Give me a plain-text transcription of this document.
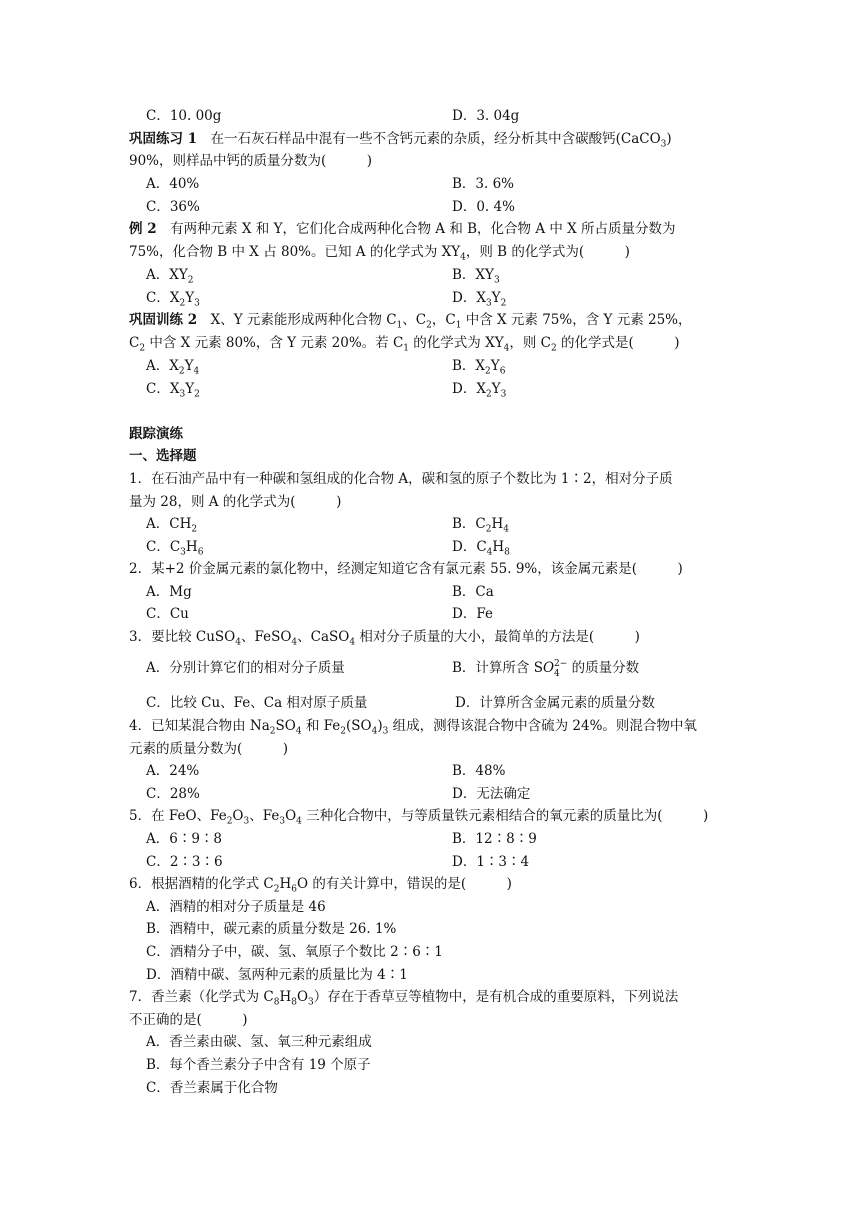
C．10. 00g	D．3. 04g
巩固练习 1　 在一石灰石样品中混有一些不含钙元素的杂质，经分析其中含碳酸钙(CaCO$_3$)
90%，则样品中钙的质量分数为(　　　)
A．40%	B．3. 6%
C．36%	D．0. 4%
例 2　 有两种元素 X 和 Y，它们化合成两种化合物 A 和 B，化合物 A 中 X 所占质量分数为
75%，化合物 B 中 X 占 80%。已知 A 的化学式为 $XY_4$，则 B 的化学式为(　　　)
A．$XY_2$	B．$XY_3$
C．$X_2Y_3$	D．$X_3Y_2$
巩固训练 2　 X、Y 元素能形成两种化合物 $C_1$、$C_2$，$C_1$ 中含 X 元素 75%，含 Y 元素 25%，
$C_2$ 中含 X 元素 80%，含 Y 元素 20%。若 $C_1$ 的化学式为 $XY_4$，则 $C_2$ 的化学式是(　　　)
A．$X_2Y_4$	B．$X_2Y_6$
C．$X_3Y_2$	D．$X_2Y_3$
跟踪演练
一、选择题
1．在石油产品中有一种碳和氢组成的化合物 A，碳和氢的原子个数比为 1∶2，相对分子质
量为 28，则 A 的化学式为(　　　)
A．$CH_2$	B．$C_2H_4$
C．$C_3H_6$	D．$C_4H_8$
2．某+2 价金属元素的氯化物中，经测定知道它含有氯元素 55. 9%，该金属元素是(　　　)
A．Mg	B．Ca
C．Cu	D．Fe
3．要比较 CuSO$_4$、FeSO$_4$、CaSO$_4$ 相对分子质量的大小，最简单的方法是(　　　)
A．分别计算它们的相对分子质量	B．计算所含 SO 2−
4 的质量分数
C．比较 Cu、Fe、Ca 相对原子质量	D．计算所含金属元素的质量分数
4．已知某混合物由 $Na_2SO_4$ 和 $Fe_2(SO_4)_3$ 组成，测得该混合物中含硫为 24%。则混合物中氧
元素的质量分数为(　　　)
A．24%	B．48%
C．28%	D．无法确定
5．在 FeO、$Fe_2O_3$、$Fe_3O_4$ 三种化合物中，与等质量铁元素相结合的氧元素的质量比为(　　　)
A．6∶9∶8	B．12∶8∶9
C．2∶3∶6	D．1∶3∶4
6．根据酒精的化学式 $C_2H_6O$ 的有关计算中，错误的是(　　　)
A．酒精的相对分子质量是 46
B．酒精中，碳元素的质量分数是 26. 1%
C．酒精分子中，碳、氢、氧原子个数比 2∶6∶1
D．酒精中碳、氢两种元素的质量比为 4∶1
7．香兰素（化学式为 $C_8H_8O_3$）存在于香草豆等植物中，是有机合成的重要原料，下列说法
不正确的是(　　　)
A．香兰素由碳、氢、氧三种元素组成
B．每个香兰素分子中含有 19 个原子
C．香兰素属于化合物
